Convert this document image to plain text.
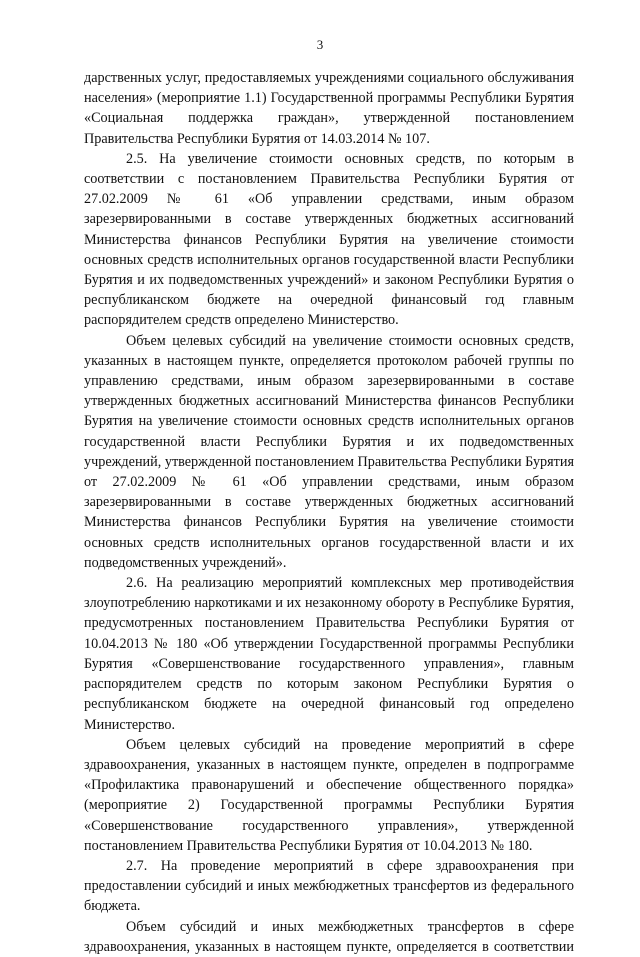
3

дарственных услуг, предоставляемых учреждениями социального обслуживания населения» (мероприятие 1.1) Государственной программы Республики Бурятия «Социальная поддержка граждан», утвержденной постановлением Правительства Республики Бурятия от 14.03.2014 № 107.

2.5. На увеличение стоимости основных средств, по которым в соответствии с постановлением Правительства Республики Бурятия от 27.02.2009 № 61 «Об управлении средствами, иным образом зарезервированными в составе утвержденных бюджетных ассигнований Министерства финансов Республики Бурятия на увеличение стоимости основных средств исполнительных органов государственной власти Республики Бурятия и их подведомственных учреждений» и законом Республики Бурятия о республиканском бюджете на очередной финансовый год главным распорядителем средств определено Министерство.

Объем целевых субсидий на увеличение стоимости основных средств, указанных в настоящем пункте, определяется протоколом рабочей группы по управлению средствами, иным образом зарезервированными в составе утвержденных бюджетных ассигнований Министерства финансов Республики Бурятия на увеличение стоимости основных средств исполнительных органов государственной власти Республики Бурятия и их подведомственных учреждений, утвержденной постановлением Правительства Республики Бурятия от 27.02.2009 № 61 «Об управлении средствами, иным образом зарезервированными в составе утвержденных бюджетных ассигнований Министерства финансов Республики Бурятия на увеличение стоимости основных средств исполнительных органов государственной власти и их подведомственных учреждений».

2.6. На реализацию мероприятий комплексных мер противодействия злоупотреблению наркотиками и их незаконному обороту в Республике Бурятия, предусмотренных постановлением Правительства Республики Бурятия от 10.04.2013 № 180 «Об утверждении Государственной программы Республики Бурятия «Совершенствование государственного управления», главным распорядителем средств по которым законом Республики Бурятия о республиканском бюджете на очередной финансовый год определено Министерство.

Объем целевых субсидий на проведение мероприятий в сфере здравоохранения, указанных в настоящем пункте, определен в подпрограмме «Профилактика правонарушений и обеспечение общественного порядка» (мероприятие 2) Государственной программы Республики Бурятия «Совершенствование государственного управления», утвержденной постановлением Правительства Республики Бурятия от 10.04.2013 № 180.

2.7. На проведение мероприятий в сфере здравоохранения при предоставлении субсидий и иных межбюджетных трансфертов из федерального бюджета.

Объем субсидий и иных межбюджетных трансфертов в сфере здравоохранения, указанных в настоящем пункте, определяется в соответствии
